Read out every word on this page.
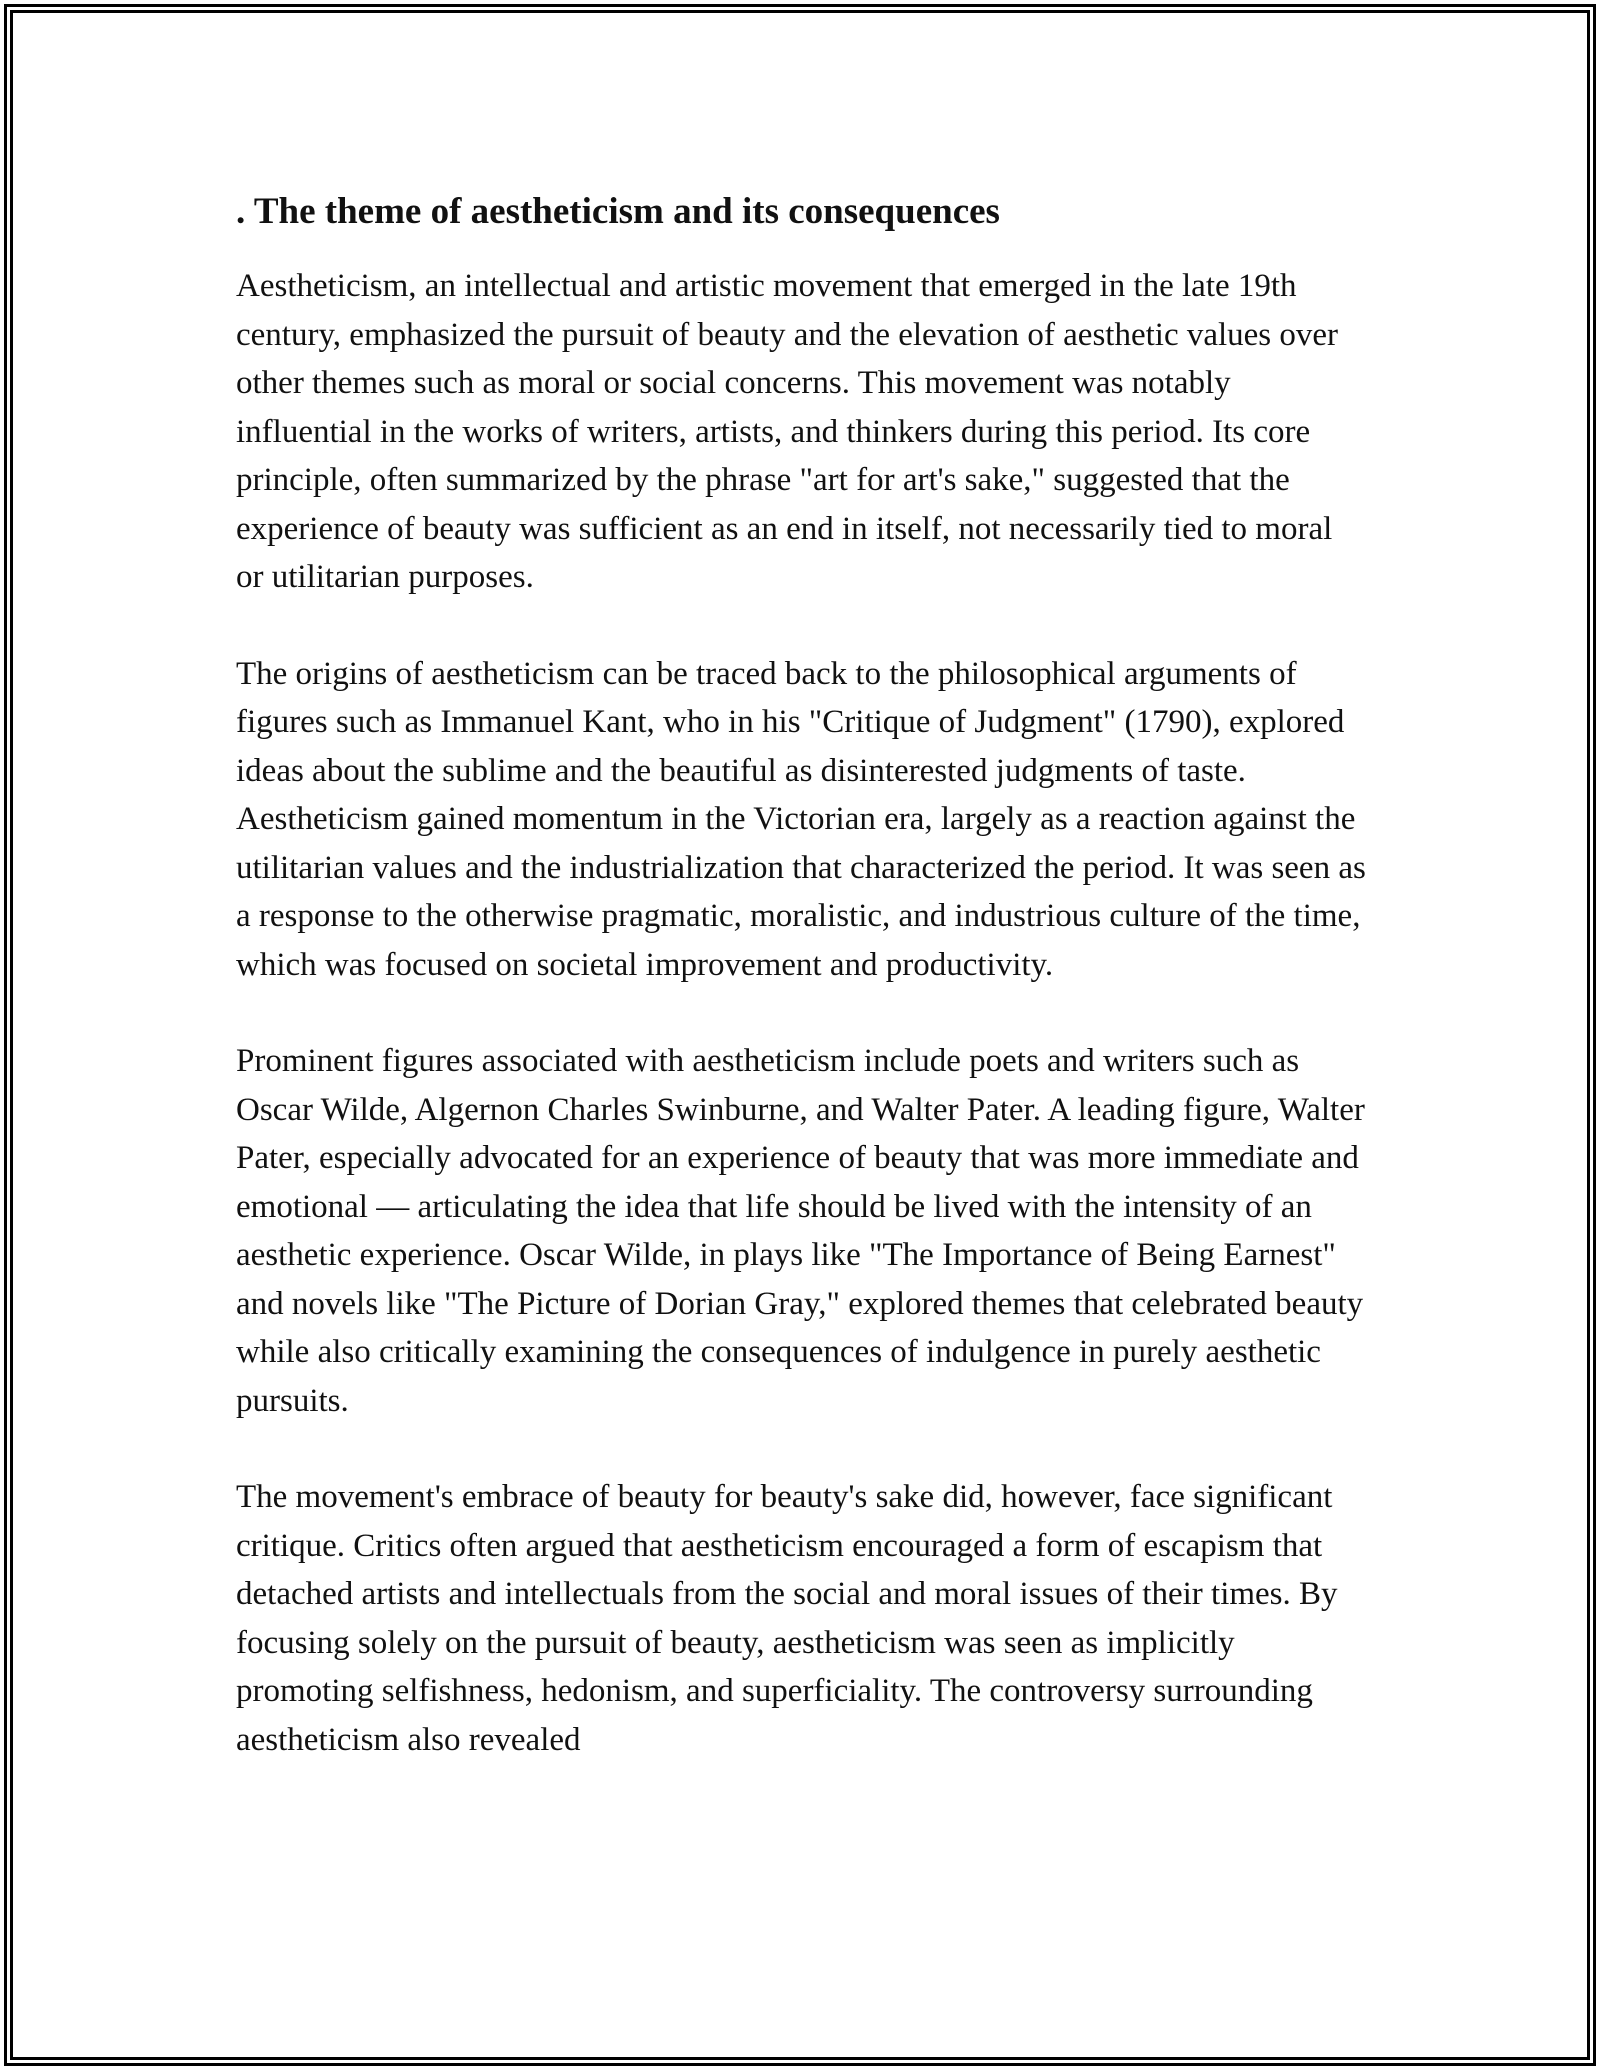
. The theme of aestheticism and its consequences

Aestheticism, an intellectual and artistic movement that emerged in the late 19th century, emphasized the pursuit of beauty and the elevation of aesthetic values over other themes such as moral or social concerns. This movement was notably influential in the works of writers, artists, and thinkers during this period. Its core principle, often summarized by the phrase "art for art's sake," suggested that the experience of beauty was sufficient as an end in itself, not necessarily tied to moral or utilitarian purposes.

The origins of aestheticism can be traced back to the philosophical arguments of figures such as Immanuel Kant, who in his "Critique of Judgment" (1790), explored ideas about the sublime and the beautiful as disinterested judgments of taste. Aestheticism gained momentum in the Victorian era, largely as a reaction against the utilitarian values and the industrialization that characterized the period. It was seen as a response to the otherwise pragmatic, moralistic, and industrious culture of the time, which was focused on societal improvement and productivity.

Prominent figures associated with aestheticism include poets and writers such as Oscar Wilde, Algernon Charles Swinburne, and Walter Pater. A leading figure, Walter Pater, especially advocated for an experience of beauty that was more immediate and emotional — articulating the idea that life should be lived with the intensity of an aesthetic experience. Oscar Wilde, in plays like "The Importance of Being Earnest" and novels like "The Picture of Dorian Gray," explored themes that celebrated beauty while also critically examining the consequences of indulgence in purely aesthetic pursuits.

The movement's embrace of beauty for beauty's sake did, however, face significant critique. Critics often argued that aestheticism encouraged a form of escapism that detached artists and intellectuals from the social and moral issues of their times. By focusing solely on the pursuit of beauty, aestheticism was seen as implicitly promoting selfishness, hedonism, and superficiality. The controversy surrounding aestheticism also revealed
